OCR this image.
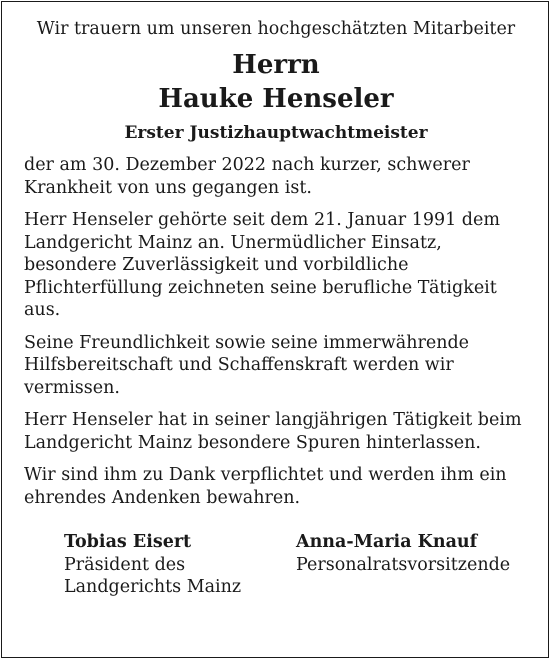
Wir trauern um unseren hochgeschätzten Mitarbeiter
Herrn
Hauke Henseler
Erster Justizhauptwachtmeister
der am 30. Dezember 2022 nach kurzer, schwerer
Krankheit von uns gegangen ist.
Herr Henseler gehörte seit dem 21. Januar 1991 dem
Landgericht Mainz an. Unermüdlicher Einsatz,
besondere Zuverlässigkeit und vorbildliche
Pflichterfüllung zeichneten seine berufliche Tätigkeit aus.
Seine Freundlichkeit sowie seine immerwährende
Hilfsbereitschaft und Schaffenskraft werden wir
vermissen.
Herr Henseler hat in seiner langjährigen Tätigkeit beim
Landgericht Mainz besondere Spuren hinterlassen.
Wir sind ihm zu Dank verpflichtet und werden ihm ein
ehrendes Andenken bewahren.
Tobias Eisert
Präsident des
Landgerichts Mainz
Anna-Maria Knauf
Personalratsvorsitzende
